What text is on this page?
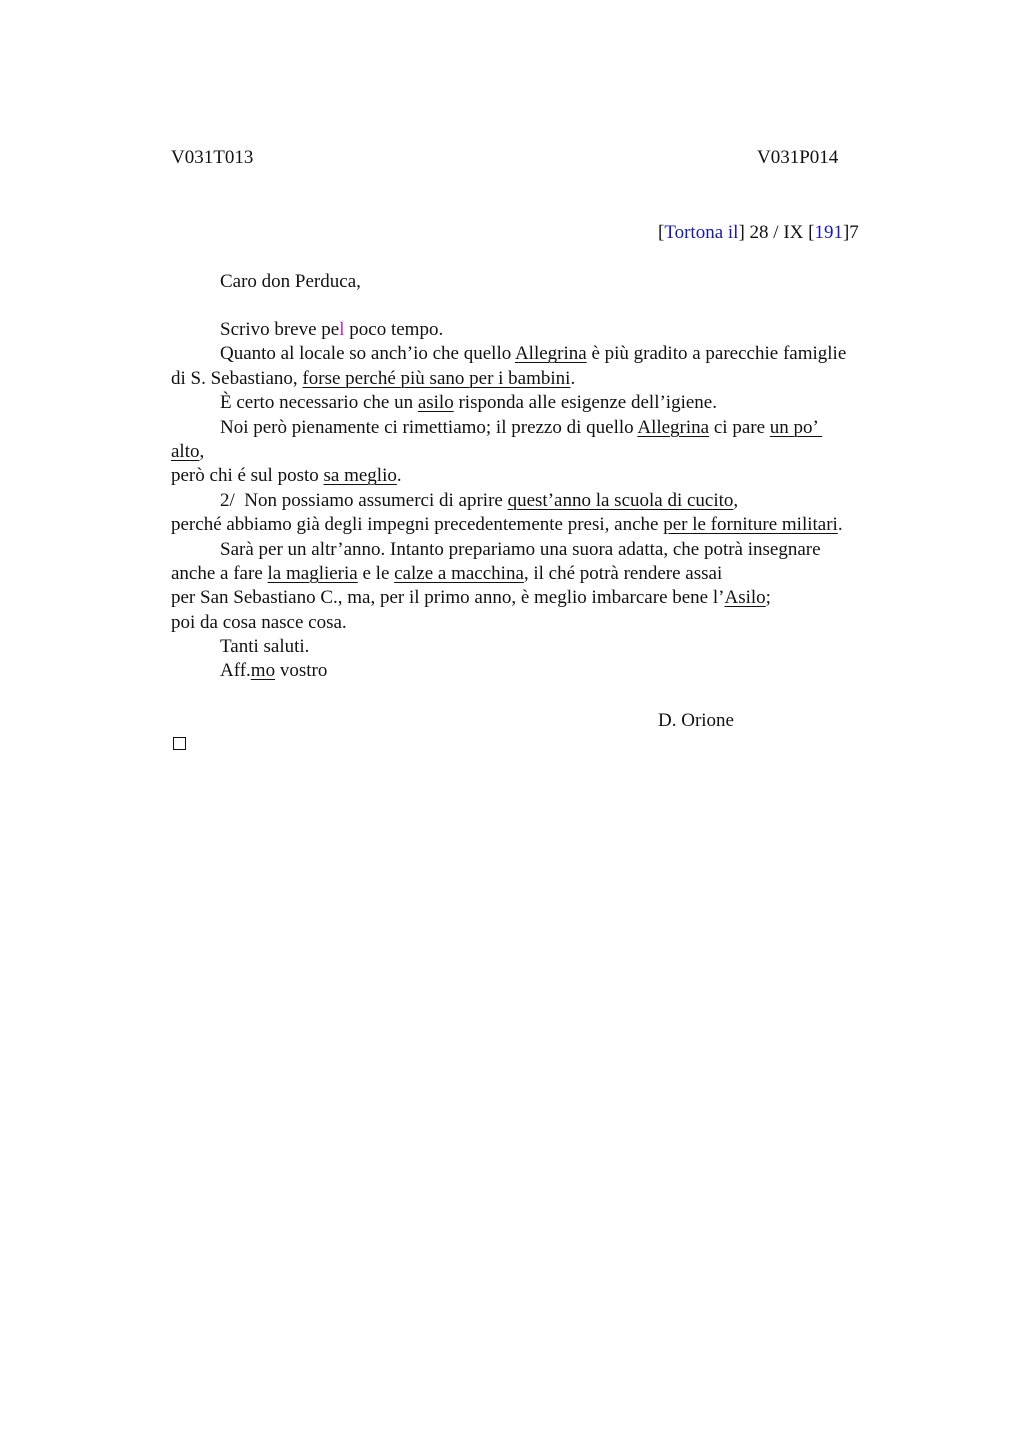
V031T013	V031P014
[Tortona il] 28 / IX [191]7
Caro don Perduca,
Scrivo breve pel poco tempo.
Quanto al locale so anch’io che quello Allegrina è più gradito a parecchie famiglie
di S. Sebastiano, forse perché più sano per i bambini.
È certo necessario che un asilo risponda alle esigenze dell’igiene.
Noi però pienamente ci rimettiamo; il prezzo di quello Allegrina ci pare un po’
alto,
però chi é sul posto sa meglio.
2/  Non possiamo assumerci di aprire quest’anno la scuola di cucito,
perché abbiamo già degli impegni precedentemente presi, anche per le forniture militari.
Sarà per un altr’anno. Intanto prepariamo una suora adatta, che potrà insegnare
anche a fare la maglieria e le calze a macchina, il ché potrà rendere assai
per San Sebastiano C., ma, per il primo anno, è meglio imbarcare bene l’Asilo;
poi da cosa nasce cosa.
Tanti saluti.
Aff.mo vostro
D. Orione
